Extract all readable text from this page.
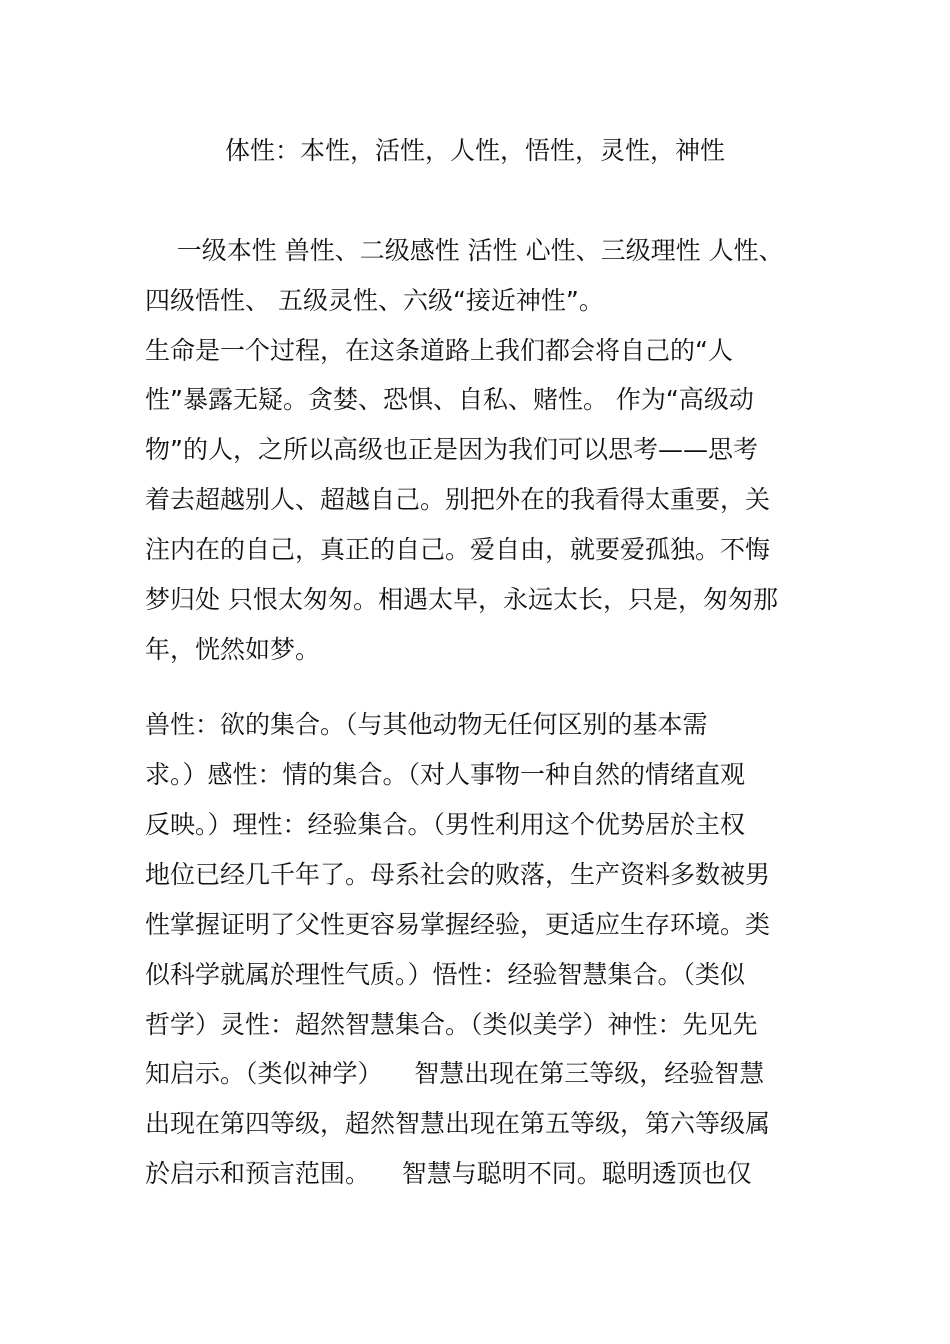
体性：本性，活性，人性，悟性，灵性，神性

一级本性 兽性、二级感性 活性 心性、三级理性 人性、

四级悟性、 五级灵性、六级“接近神性”。

生命是一个过程，在这条道路上我们都会将自己的“人

性”暴露无疑。贪婪、恐惧、自私、赌性。 作为“高级动

物”的人，之所以高级也正是因为我们可以思考——思考

着去超越别人、超越自己。别把外在的我看得太重要，关

注内在的自己，真正的自己。爱自由，就要爱孤独。不悔

梦归处 只恨太匆匆。相遇太早，永远太长，只是，匆匆那

年，恍然如梦。

兽性：欲的集合。（与其他动物无任何区别的基本需

求。）感性：情的集合。（对人事物一种自然的情绪直观

反映。）理性：经验集合。（男性利用这个优势居於主权

地位已经几千年了。母系社会的败落，生产资料多数被男

性掌握证明了父性更容易掌握经验，更适应生存环境。类

似科学就属於理性气质。）悟性：经验智慧集合。（类似

哲学）灵性：超然智慧集合。（类似美学）神性：先见先

知启示。（类似神学）    智慧出现在第三等级，经验智慧

出现在第四等级，超然智慧出现在第五等级，第六等级属

於启示和预言范围。    智慧与聪明不同。聪明透顶也仅
